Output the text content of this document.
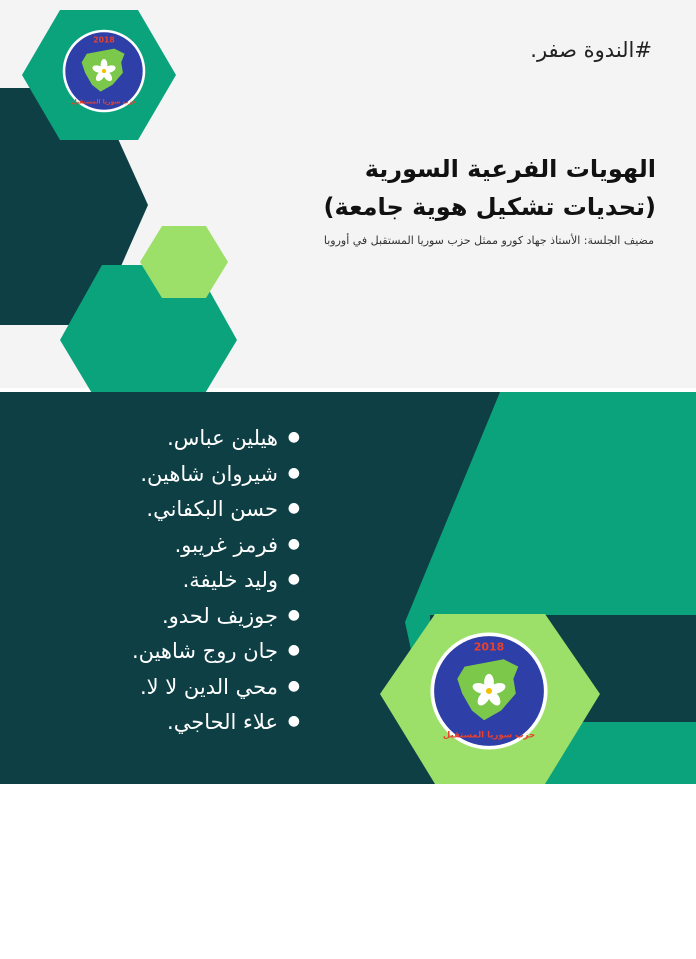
2018
حزب سوريا المستقبل
#الندوة صفر.
الهويات الفرعية السورية
(تحديات تشكيل هوية جامعة)
مضيف الجلسة: الأستاذ جهاد كورو ممثل حزب سوريا المستقبل في أوروبا
قائمة المتحدثين
2018
حزب سوريا المستقبل
●
هيلين عباس.
●
شيروان شاهين.
●
حسن البكفاني.
●
فرمز غريبو.
●
وليد خليفة.
●
جوزيف لحدو.
●
جان روج شاهين.
●
محي الدين لا لا.
●
علاء الحاجي.
